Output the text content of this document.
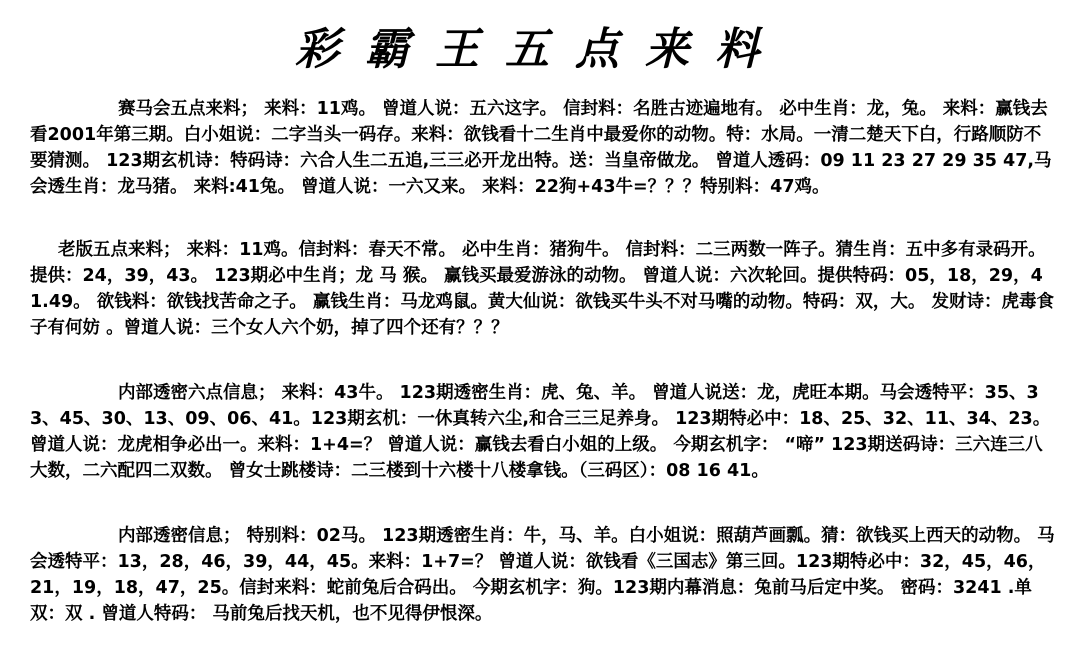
彩霸王五点来料

赛马会五点来料； 来料：11鸡。 曾道人说：五六这字。 信封料：名胜古迹遍地有。 必中生肖：龙，兔。 来料：赢钱去看2001年第三期。白小姐说：二字当头一码存。来料：欲钱看十二生肖中最爱你的动物。特：水局。一清二楚天下白，行路顺防不要猜测。 123期玄机诗：特码诗：六合人生二五追,三三必开龙出特。送：当皇帝做龙。 曾道人透码：09 11 23 27 29 35 47,马会透生肖：龙马猪。 来料:41兔。 曾道人说：一六又来。 来料：22狗+43牛=？？？特别料：47鸡。

老版五点来料； 来料：11鸡。信封料：春天不常。 必中生肖：猪狗牛。 信封料：二三两数一阵子。猜生肖：五中多有录码开。 提供：24，39，43。 123期必中生肖；龙 马 猴。 赢钱买最爱游泳的动物。 曾道人说：六次轮回。提供特码：05，18，29，41.49。 欲钱料：欲钱找苦命之子。 赢钱生肖：马龙鸡鼠。黄大仙说：欲钱买牛头不对马嘴的动物。特码：双，大。 发财诗：虎毒食子有何妨 。曾道人说：三个女人六个奶，掉了四个还有？？？

内部透密六点信息； 来料：43牛。 123期透密生肖：虎、兔、羊。 曾道人说送：龙，虎旺本期。马会透特平：35、33、45、30、13、09、06、41。123期玄机：一休真转六尘,和合三三足养身。 123期特必中：18、25、32、11、34、23。 曾道人说：龙虎相争必出一。来料：1+4=？ 曾道人说：赢钱去看白小姐的上级。 今期玄机字： “啼” 123期送码诗：三六连三八大数，二六配四二双数。 曾女士跳楼诗：二三楼到十六楼十八楼拿钱。（三码区）：08 16 41。

内部透密信息； 特别料：02马。 123期透密生肖：牛，马、羊。白小姐说：照葫芦画瓢。猜：欲钱买上西天的动物。 马会透特平：13，28，46，39，44，45。来料：1+7=？ 曾道人说：欲钱看《三国志》第三回。123期特必中：32，45，46，21，19，18，47，25。信封来料：蛇前兔后合码出。 今期玄机字：狗。123期内幕消息：兔前马后定中奖。 密码：3241 .单双：双 . 曾道人特码： 马前兔后找天机，也不见得伊恨深。
